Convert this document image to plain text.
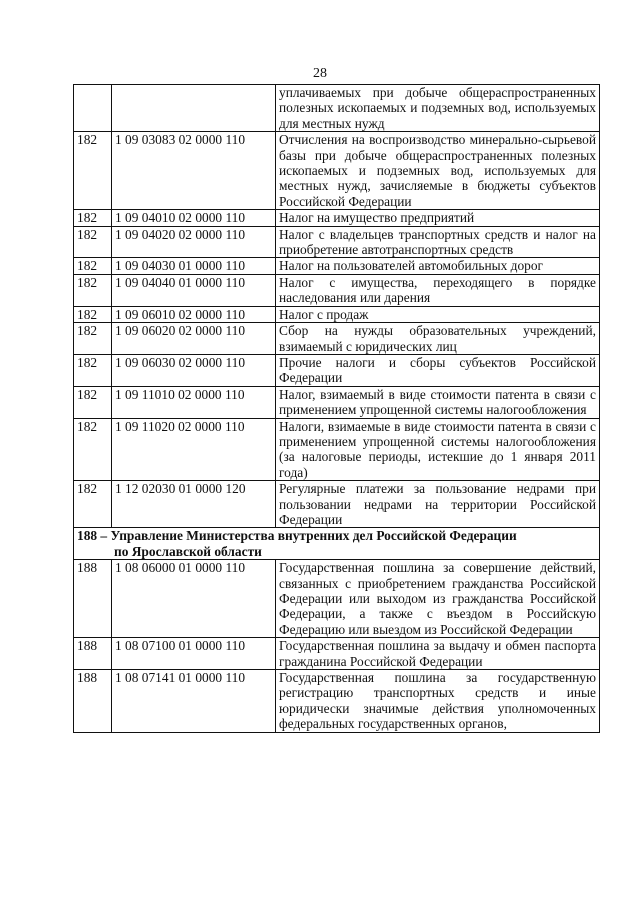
28
		уплачиваемых при добыче общераспространенных полезных ископаемых и подземных вод, используемых для местных нужд
182	1 09 03083 02 0000 110	Отчисления на воспроизводство минерально-сырьевой базы при добыче общераспространенных полезных ископаемых и подземных вод, используемых для местных нужд, зачисляемые в бюджеты субъектов Российской Федерации
182	1 09 04010 02 0000 110	Налог на имущество предприятий
182	1 09 04020 02 0000 110	Налог с владельцев транспортных средств и налог на приобретение автотранспортных средств
182	1 09 04030 01 0000 110	Налог на пользователей автомобильных дорог
182	1 09 04040 01 0000 110	Налог с имущества, переходящего в порядке наследования или дарения
182	1 09 06010 02 0000 110	Налог с продаж
182	1 09 06020 02 0000 110	Сбор на нужды образовательных учреждений, взимаемый с юридических лиц
182	1 09 06030 02 0000 110	Прочие налоги и сборы субъектов Российской Федерации
182	1 09 11010 02 0000 110	Налог, взимаемый в виде стоимости патента в связи с применением упрощенной системы налогообложения
182	1 09 11020 02 0000 110	Налоги, взимаемые в виде стоимости патента в связи с применением упрощенной системы налогообложения (за налоговые периоды, истекшие до 1 января 2011 года)
182	1 12 02030 01 0000 120	Регулярные платежи за пользование недрами при пользовании недрами на территории Российской Федерации
188 – Управление Министерства внутренних дел Российской Федерации
по Ярославской области		

188	1 08 06000 01 0000 110	Государственная пошлина за совершение действий, связанных с приобретением гражданства Российской Федерации или выходом из гражданства Российской Федерации, а также с въездом в Российскую Федерацию или выездом из Российской Федерации
188	1 08 07100 01 0000 110	Государственная пошлина за выдачу и обмен паспорта гражданина Российской Федерации
188	1 08 07141 01 0000 110	Государственная пошлина за государственную регистрацию транспортных средств и иные юридически значимые действия уполномоченных федеральных государственных органов,
